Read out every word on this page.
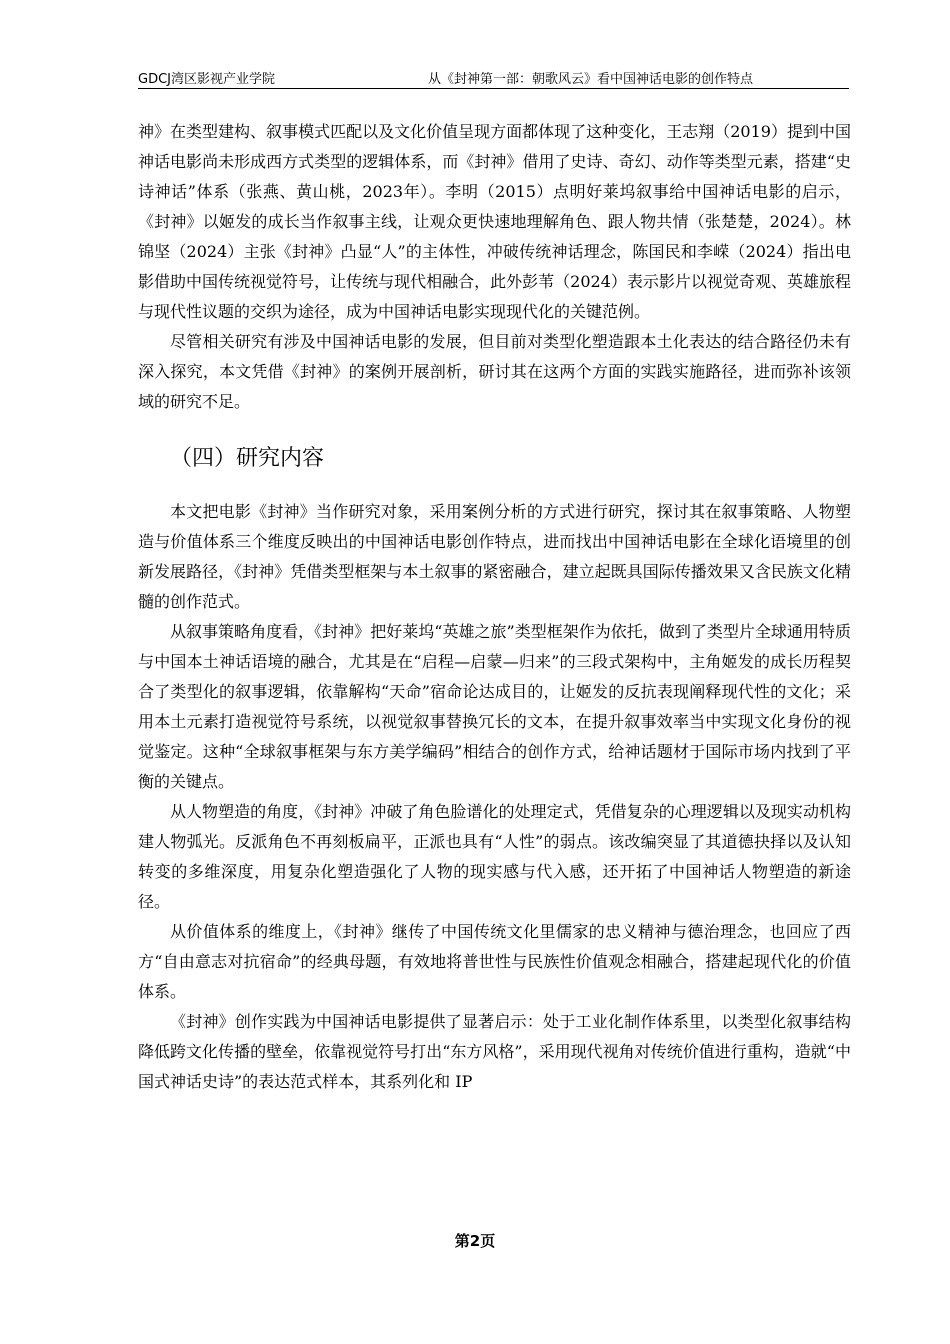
GDCJ湾区影视产业学院	从《封神第一部：朝歌风云》看中国神话电影的创作特点

神》在类型建构、叙事模式匹配以及文化价值呈现方面都体现了这种变化，王志翔（2019）提到中国神话电影尚未形成西方式类型的逻辑体系，而《封神》借用了史诗、奇幻、动作等类型元素，搭建“史诗神话”体系（张燕、黄山桃，2023年）。李明（2015）点明好莱坞叙事给中国神话电影的启示，《封神》以姬发的成长当作叙事主线，让观众更快速地理解角色、跟人物共情（张楚楚，2024）。林锦坚（2024）主张《封神》凸显“人”的主体性，冲破传统神话理念，陈国民和李嵘（2024）指出电影借助中国传统视觉符号，让传统与现代相融合，此外彭苇（2024）表示影片以视觉奇观、英雄旅程与现代性议题的交织为途径，成为中国神话电影实现现代化的关键范例。

尽管相关研究有涉及中国神话电影的发展，但目前对类型化塑造跟本土化表达的结合路径仍未有深入探究，本文凭借《封神》的案例开展剖析，研讨其在这两个方面的实践实施路径，进而弥补该领域的研究不足。

（四）研究内容

本文把电影《封神》当作研究对象，采用案例分析的方式进行研究，探讨其在叙事策略、人物塑造与价值体系三个维度反映出的中国神话电影创作特点，进而找出中国神话电影在全球化语境里的创新发展路径，《封神》凭借类型框架与本土叙事的紧密融合，建立起既具国际传播效果又含民族文化精髓的创作范式。

从叙事策略角度看，《封神》把好莱坞“英雄之旅”类型框架作为依托，做到了类型片全球通用特质与中国本土神话语境的融合，尤其是在“启程—启蒙—归来”的三段式架构中，主角姬发的成长历程契合了类型化的叙事逻辑，依靠解构“天命”宿命论达成目的，让姬发的反抗表现阐释现代性的文化；采用本土元素打造视觉符号系统，以视觉叙事替换冗长的文本，在提升叙事效率当中实现文化身份的视觉鉴定。这种“全球叙事框架与东方美学编码”相结合的创作方式，给神话题材于国际市场内找到了平衡的关键点。

从人物塑造的角度，《封神》冲破了角色脸谱化的处理定式，凭借复杂的心理逻辑以及现实动机构建人物弧光。反派角色不再刻板扁平，正派也具有“人性”的弱点。该改编突显了其道德抉择以及认知转变的多维深度，用复杂化塑造强化了人物的现实感与代入感，还开拓了中国神话人物塑造的新途径。

从价值体系的维度上，《封神》继传了中国传统文化里儒家的忠义精神与德治理念，也回应了西方“自由意志对抗宿命”的经典母题，有效地将普世性与民族性价值观念相融合，搭建起现代化的价值体系。

《封神》创作实践为中国神话电影提供了显著启示：处于工业化制作体系里，以类型化叙事结构降低跨文化传播的壁垒，依靠视觉符号打出“东方风格”，采用现代视角对传统价值进行重构，造就“中国式神话史诗”的表达范式样本，其系列化和 IP

第2页
